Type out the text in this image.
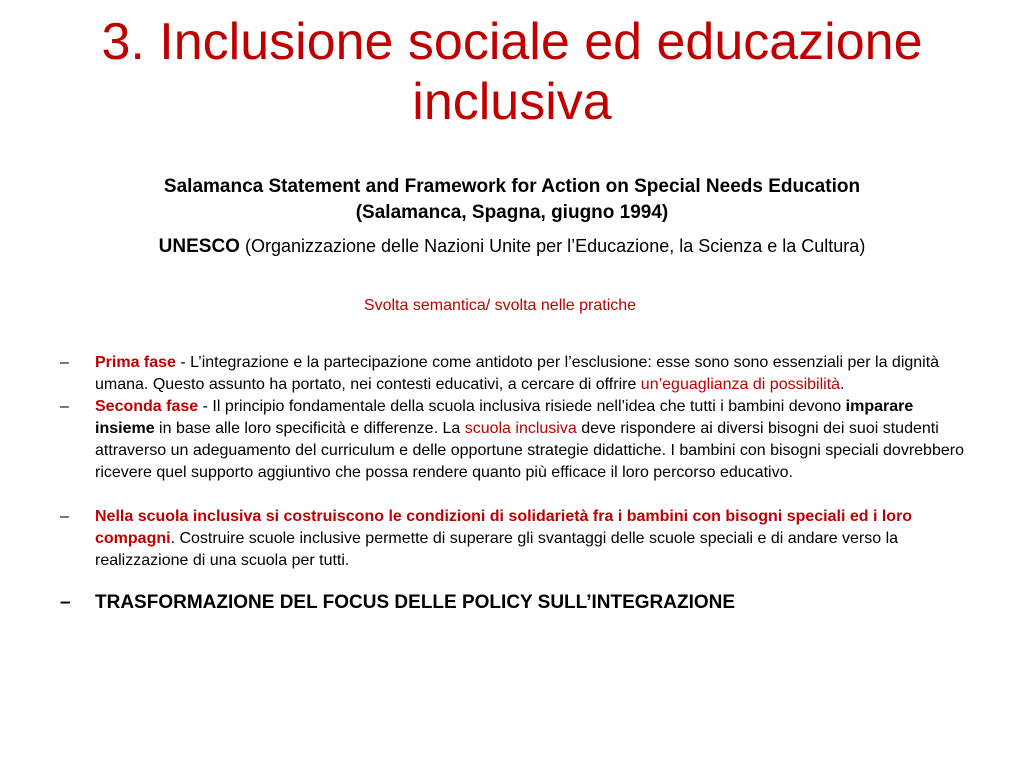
3. Inclusione sociale ed educazione
inclusiva

Salamanca Statement and Framework for Action on Special Needs Education
(Salamanca, Spagna, giugno 1994)

UNESCO (Organizzazione delle Nazioni Unite per l’Educazione, la Scienza e la Cultura)

Svolta semantica/ svolta nelle pratiche

– Prima fase - L’integrazione e la partecipazione come antidoto per l’esclusione: esse sono sono essenziali per la dignità umana. Questo assunto ha portato, nei contesti educativi, a cercare di offrire un’eguaglianza di possibilità.
– Seconda fase - Il principio fondamentale della scuola inclusiva risiede nell’idea che tutti i bambini devono imparare insieme in base alle loro specificità e differenze. La scuola inclusiva deve rispondere ai diversi bisogni dei suoi studenti attraverso un adeguamento del curriculum e delle opportune strategie didattiche. I bambini con bisogni speciali dovrebbero ricevere quel supporto aggiuntivo che possa rendere quanto più efficace il loro percorso educativo.
– Nella scuola inclusiva si costruiscono le condizioni di solidarietà fra i bambini con bisogni speciali ed i loro compagni. Costruire scuole inclusive permette di superare gli svantaggi delle scuole speciali e di andare verso la realizzazione di una scuola per tutti.
– TRASFORMAZIONE DEL FOCUS DELLE POLICY SULL’INTEGRAZIONE
